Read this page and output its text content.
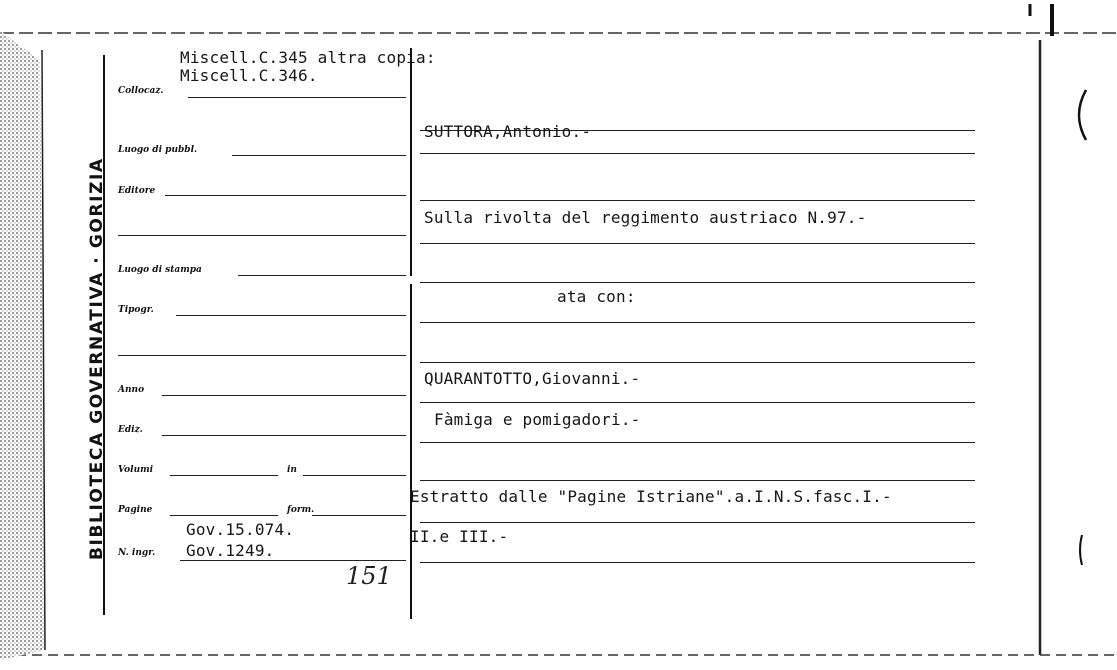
BIBLIOTECA GOVERNATIVA · GORIZIA
Collocaz.
Luogo di pubbl.
Editore
Luogo di stampa
Tipogr.
Anno
Ediz.
Volumi	in
Pagine	form.
N. ingr.
Miscell.C.345 altra copia:
Miscell.C.346.
SUTTORA,Antonio.-
Sulla rivolta del reggimento austriaco N.97.-
ata con:
QUARANTOTTO,Giovanni.-
Fàmiga e pomigadori.-
Estratto dalle "Pagine Istriane".a.I.N.S.fasc.I.-
II.e III.-
Gov.15.074.
Gov.1249.
151
